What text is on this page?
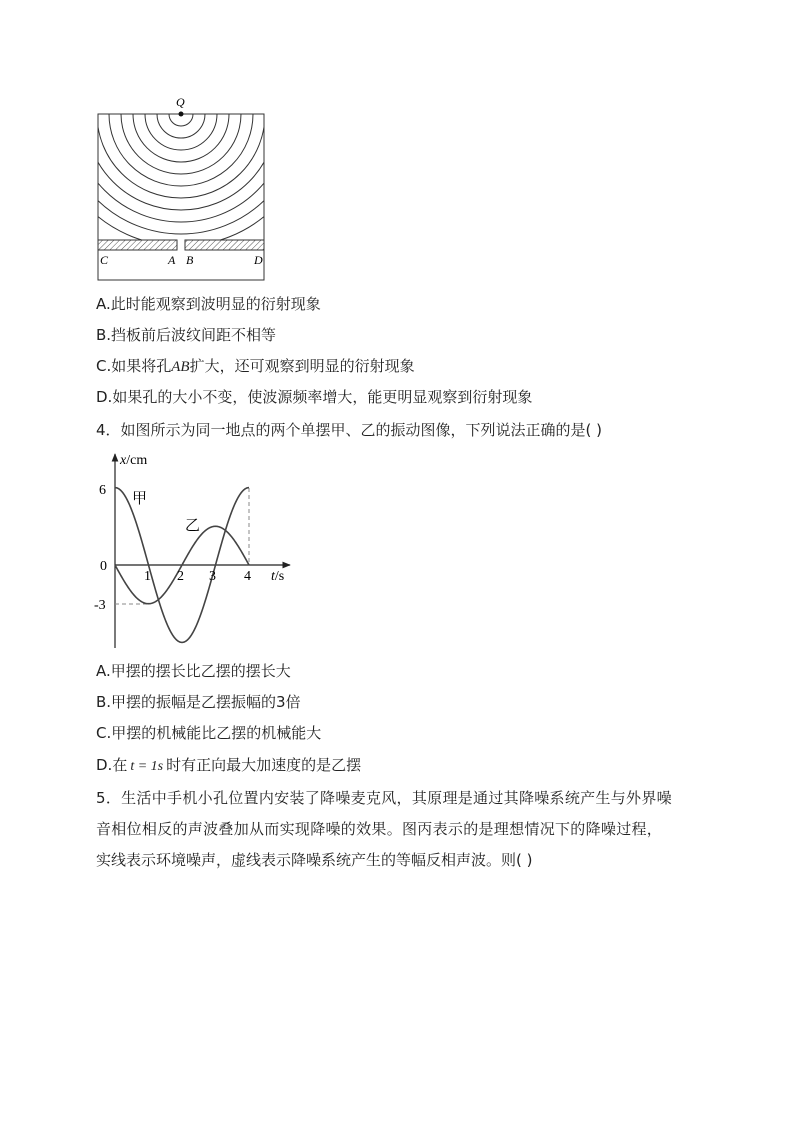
Q
C	A B	D
A.此时能观察到波明显的衍射现象
B.挡板前后波纹间距不相等
C.如果将孔AB扩大，还可观察到明显的衍射现象
D.如果孔的大小不变，使波源频率增大，能更明显观察到衍射现象
4．如图所示为同一地点的两个单摆甲、乙的振动图像，下列说法正确的是( )
x/cm
t/s
6
0
-3
1 2 3 4
甲
乙
A.甲摆的摆长比乙摆的摆长大
B.甲摆的振幅是乙摆振幅的3倍
C.甲摆的机械能比乙摆的机械能大
D.在 t = 1s 时有正向最大加速度的是乙摆
5．生活中手机小孔位置内安装了降噪麦克风，其原理是通过其降噪系统产生与外界噪
音相位相反的声波叠加从而实现降噪的效果。图丙表示的是理想情况下的降噪过程，
实线表示环境噪声，虚线表示降噪系统产生的等幅反相声波。则( )
